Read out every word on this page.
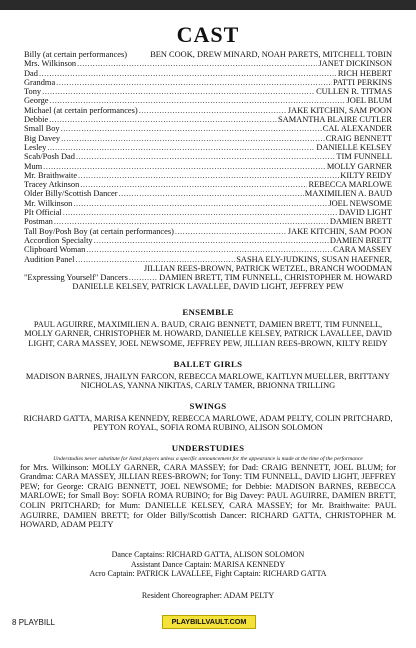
CAST
Billy (at certain performances)	BEN COOK, DREW MINARD, NOAH PARETS, MITCHELL TOBIN
Mrs. Wilkinson .....	JANET DICKINSON
Dad .....	RICH HEBERT
Grandma .....	PATTI PERKINS
Tony .....	CULLEN R. TITMAS
George .....	JOEL BLUM
Michael (at certain performances) .....	JAKE KITCHIN, SAM POON
Debbie .....	SAMANTHA BLAIRE CUTLER
Small Boy .....	CAL ALEXANDER
Big Davey .....	CRAIG BENNETT
Lesley .....	DANIELLE KELSEY
Scab/Posh Dad .....	TIM FUNNELL
Mum .....	MOLLY GARNER
Mr. Braithwaite .....	KILTY REIDY
Tracey Atkinson .....	REBECCA MARLOWE
Older Billy/Scottish Dancer .....	MAXIMILIEN A. BAUD
Mr. Wilkinson .....	JOEL NEWSOME
PIt Official .....	DAVID LIGHT
Postman .....	DAMIEN BRETT
Tall Boy/Posh Boy (at certain performances) .....	JAKE KITCHIN, SAM POON
Accordion Specialty .....	DAMIEN BRETT
Clipboard Woman .....	CARA MASSEY
Audition Panel .....	SASHA ELY-JUDKINS, SUSAN HAEFNER,
JILLIAN REES-BROWN, PATRICK WETZEL, BRANCH WOODMAN
"Expressing Yourself" Dancers .....	DAMIEN BRETT, TIM FUNNELL, CHRISTOPHER M. HOWARD
DANIELLE KELSEY, PATRICK LAVALLEE, DAVID LIGHT, JEFFREY PEW
ENSEMBLE

PAUL AGUIRRE, MAXIMILIEN A. BAUD, CRAIG BENNETT, DAMIEN BRETT, TIM FUNNELL, MOLLY GARNER, CHRISTOPHER M. HOWARD, DANIELLE KELSEY, PATRICK LAVALLEE, DAVID LIGHT, CARA MASSEY, JOEL NEWSOME, JEFFREY PEW, JILLIAN REES-BROWN, KILTY REIDY

BALLET GIRLS

MADISON BARNES, JHAILYN FARCON, REBECCA MARLOWE, KAITLYN MUELLER, BRITTANY NICHOLAS, YANNA NIKITAS, CARLY TAMER, BRIONNA TRILLING

SWINGS

RICHARD GATTA, MARISA KENNEDY, REBECCA MARLOWE, ADAM PELTY, COLIN PRITCHARD, PEYTON ROYAL, SOFIA ROMA RUBINO, ALISON SOLOMON

UNDERSTUDIES

Understudies never substitute for listed players unless a specific announcement for the appearance is made at the time of the performance

for Mrs. Wilkinson: MOLLY GARNER, CARA MASSEY; for Dad: CRAIG BENNETT, JOEL BLUM; for Grandma: CARA MASSEY, JILLIAN REES-BROWN; for Tony: TIM FUNNELL, DAVID LIGHT, JEFFREY PEW; for George: CRAIG BENNETT, JOEL NEWSOME; for Debbie: MADISON BARNES, REBECCA MARLOWE; for Small Boy: SOFIA ROMA RUBINO; for Big Davey: PAUL AGUIRRE, DAMIEN BRETT, COLIN PRITCHARD; for Mum: DANIELLE KELSEY, CARA MASSEY; for Mr. Braithwaite: PAUL AGUIRRE, DAMIEN BRETT; for Older Billy/Scottish Dancer: RICHARD GATTA, CHRISTOPHER M. HOWARD, ADAM PELTY

Dance Captains: RICHARD GATTA, ALISON SOLOMON
Assistant Dance Captain: MARISA KENNEDY
Acro Captain: PATRICK LAVALLEE, Fight Captain: RICHARD GATTA
Resident Choreographer: ADAM PELTY
8 PLAYBILL	PLAYBILLVAULT.COM
